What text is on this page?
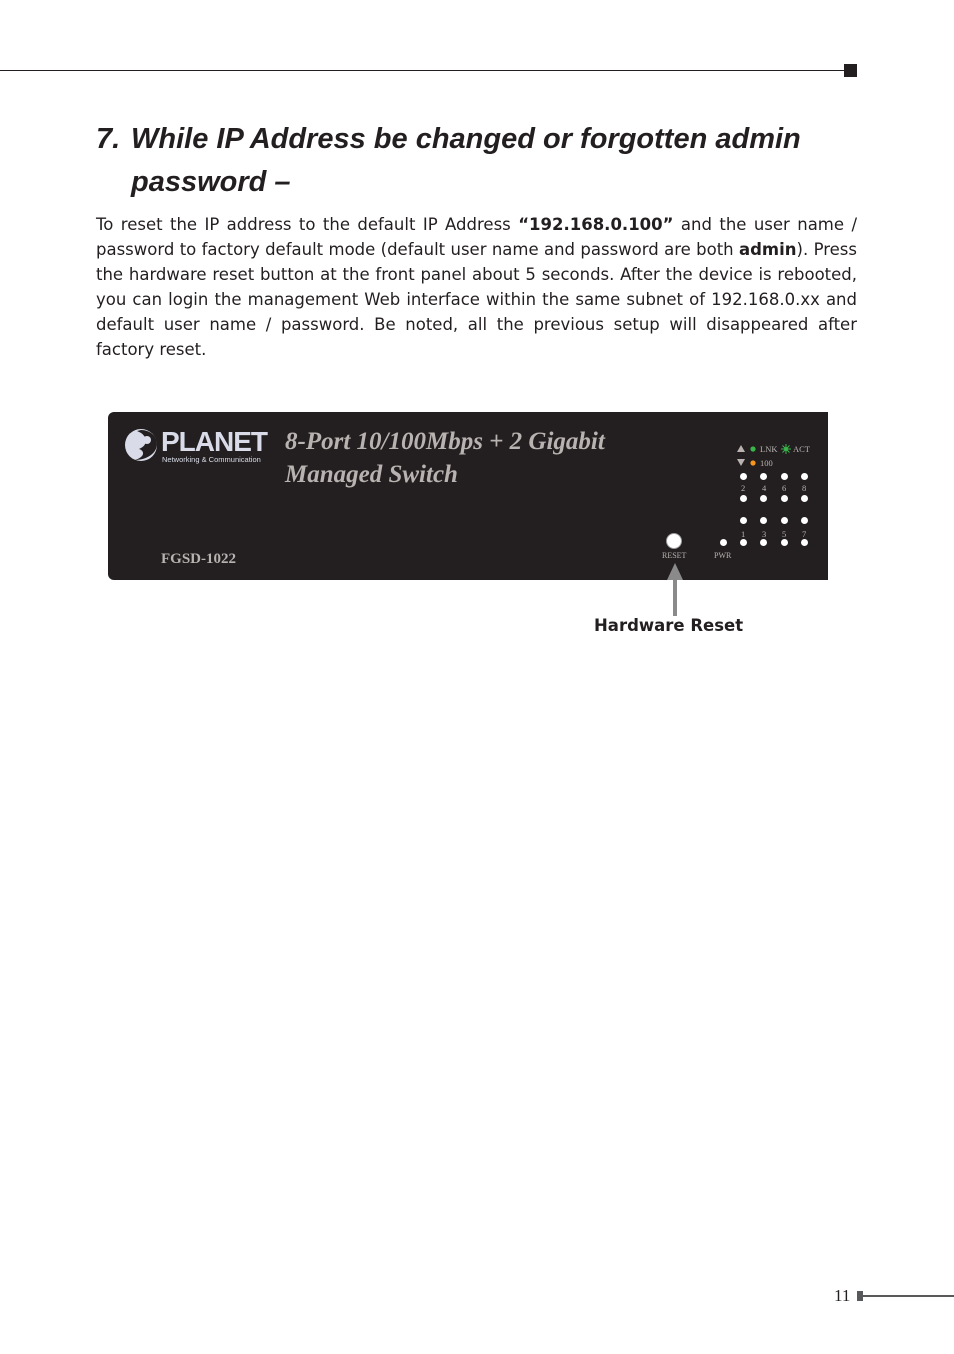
7. While IP Address be changed or forgotten admin
password –

To reset the IP address to the default IP Address “192.168.0.100” and the user name / password to factory default mode (default user name and password are both admin). Press the hardware reset button at the front panel about 5 seconds. After the device is rebooted, you can login the management Web interface within the same subnet of 192.168.0.xx and default user name / password. Be noted, all the previous setup will disappeared after factory reset.

PLANET
Networking & Communication
8-Port 10/100Mbps + 2 Gigabit
Managed Switch
FGSD-1022
LNK ACT
100
2 4 6 8
1 3 5 7
RESET	PWR
Hardware Reset
11
